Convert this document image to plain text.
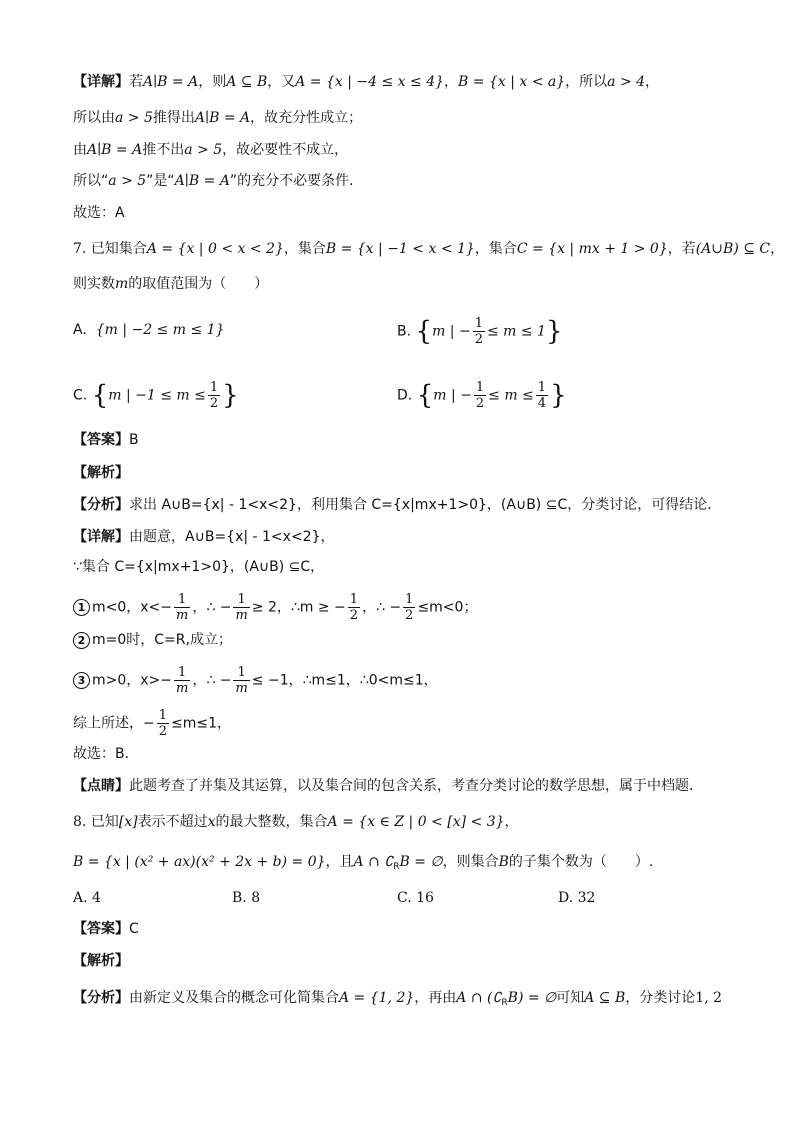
【详解】若A∣B = A，则A ⊆ B，又A = {x | −4 ≤ x ≤ 4}，B = {x | x < a}，所以a > 4，
所以由a > 5推得出A∣B = A，故充分性成立；
由A∣B = A推不出a > 5，故必要性不成立，
所以“a > 5”是“A∣B = A”的充分不必要条件.
故选：A
7. 已知集合A = {x | 0 < x < 2}，集合B = {x | −1 < x < 1}，集合C = {x | mx + 1 > 0}，若(A∪B) ⊆ C，
则实数m的取值范围为（　　）
A. {m | −2 ≤ m ≤ 1}	B. {m | − $\frac{1}{2} \le m \le 1$}
C. {m | $-1 \le m \le \frac{1}{2}$ }	D. {m | − $\frac{1}{2} \le m \le \frac{1}{4}$ }
【答案】B
【解析】
【分析】求出 A∪B={x| - 1<x<2}，利用集合 C={x|mx+1>0}，(A∪B) ⊆C，分类讨论，可得结论．
【详解】由题意，A∪B={x| - 1<x<2}，
∵集合 C={x|mx+1>0}，(A∪B) ⊆C，
1 m<0，$x<- \frac{1}{m}$ ，∴ − $\frac{1}{m} \ge 2$，∴m ≥ − $\frac{1}{2}$ ，∴ − $\frac{1}{2} \le m<0$；
2 m=0时，C=R,成立；
3 m>0，$x>- \frac{1}{m}$ ，∴ − $\frac{1}{m} \le -1$，∴m≤1，∴0<m≤1，
综上所述，− $\frac{1}{2} \le m\le 1$，
故选：B．
【点睛】此题考查了并集及其运算，以及集合间的包含关系，考查分类讨论的数学思想，属于中档题．
8. 已知[x]表示不超过x的最大整数，集合A = {x ∈ Z | 0 < [x] < 3}，
B = {x | (x² + ax)(x² + 2x + b) = 0}，且A ∩ $∁_RB$ = ∅，则集合B的子集个数为（　　）.
A. 4	B. 8	C. 16	D. 32
【答案】C
【解析】
【分析】由新定义及集合的概念可化简集合A = {1, 2}，再由A ∩ $(∁_RB)$ = ∅可知A ⊆ B，分类讨论1, 2
